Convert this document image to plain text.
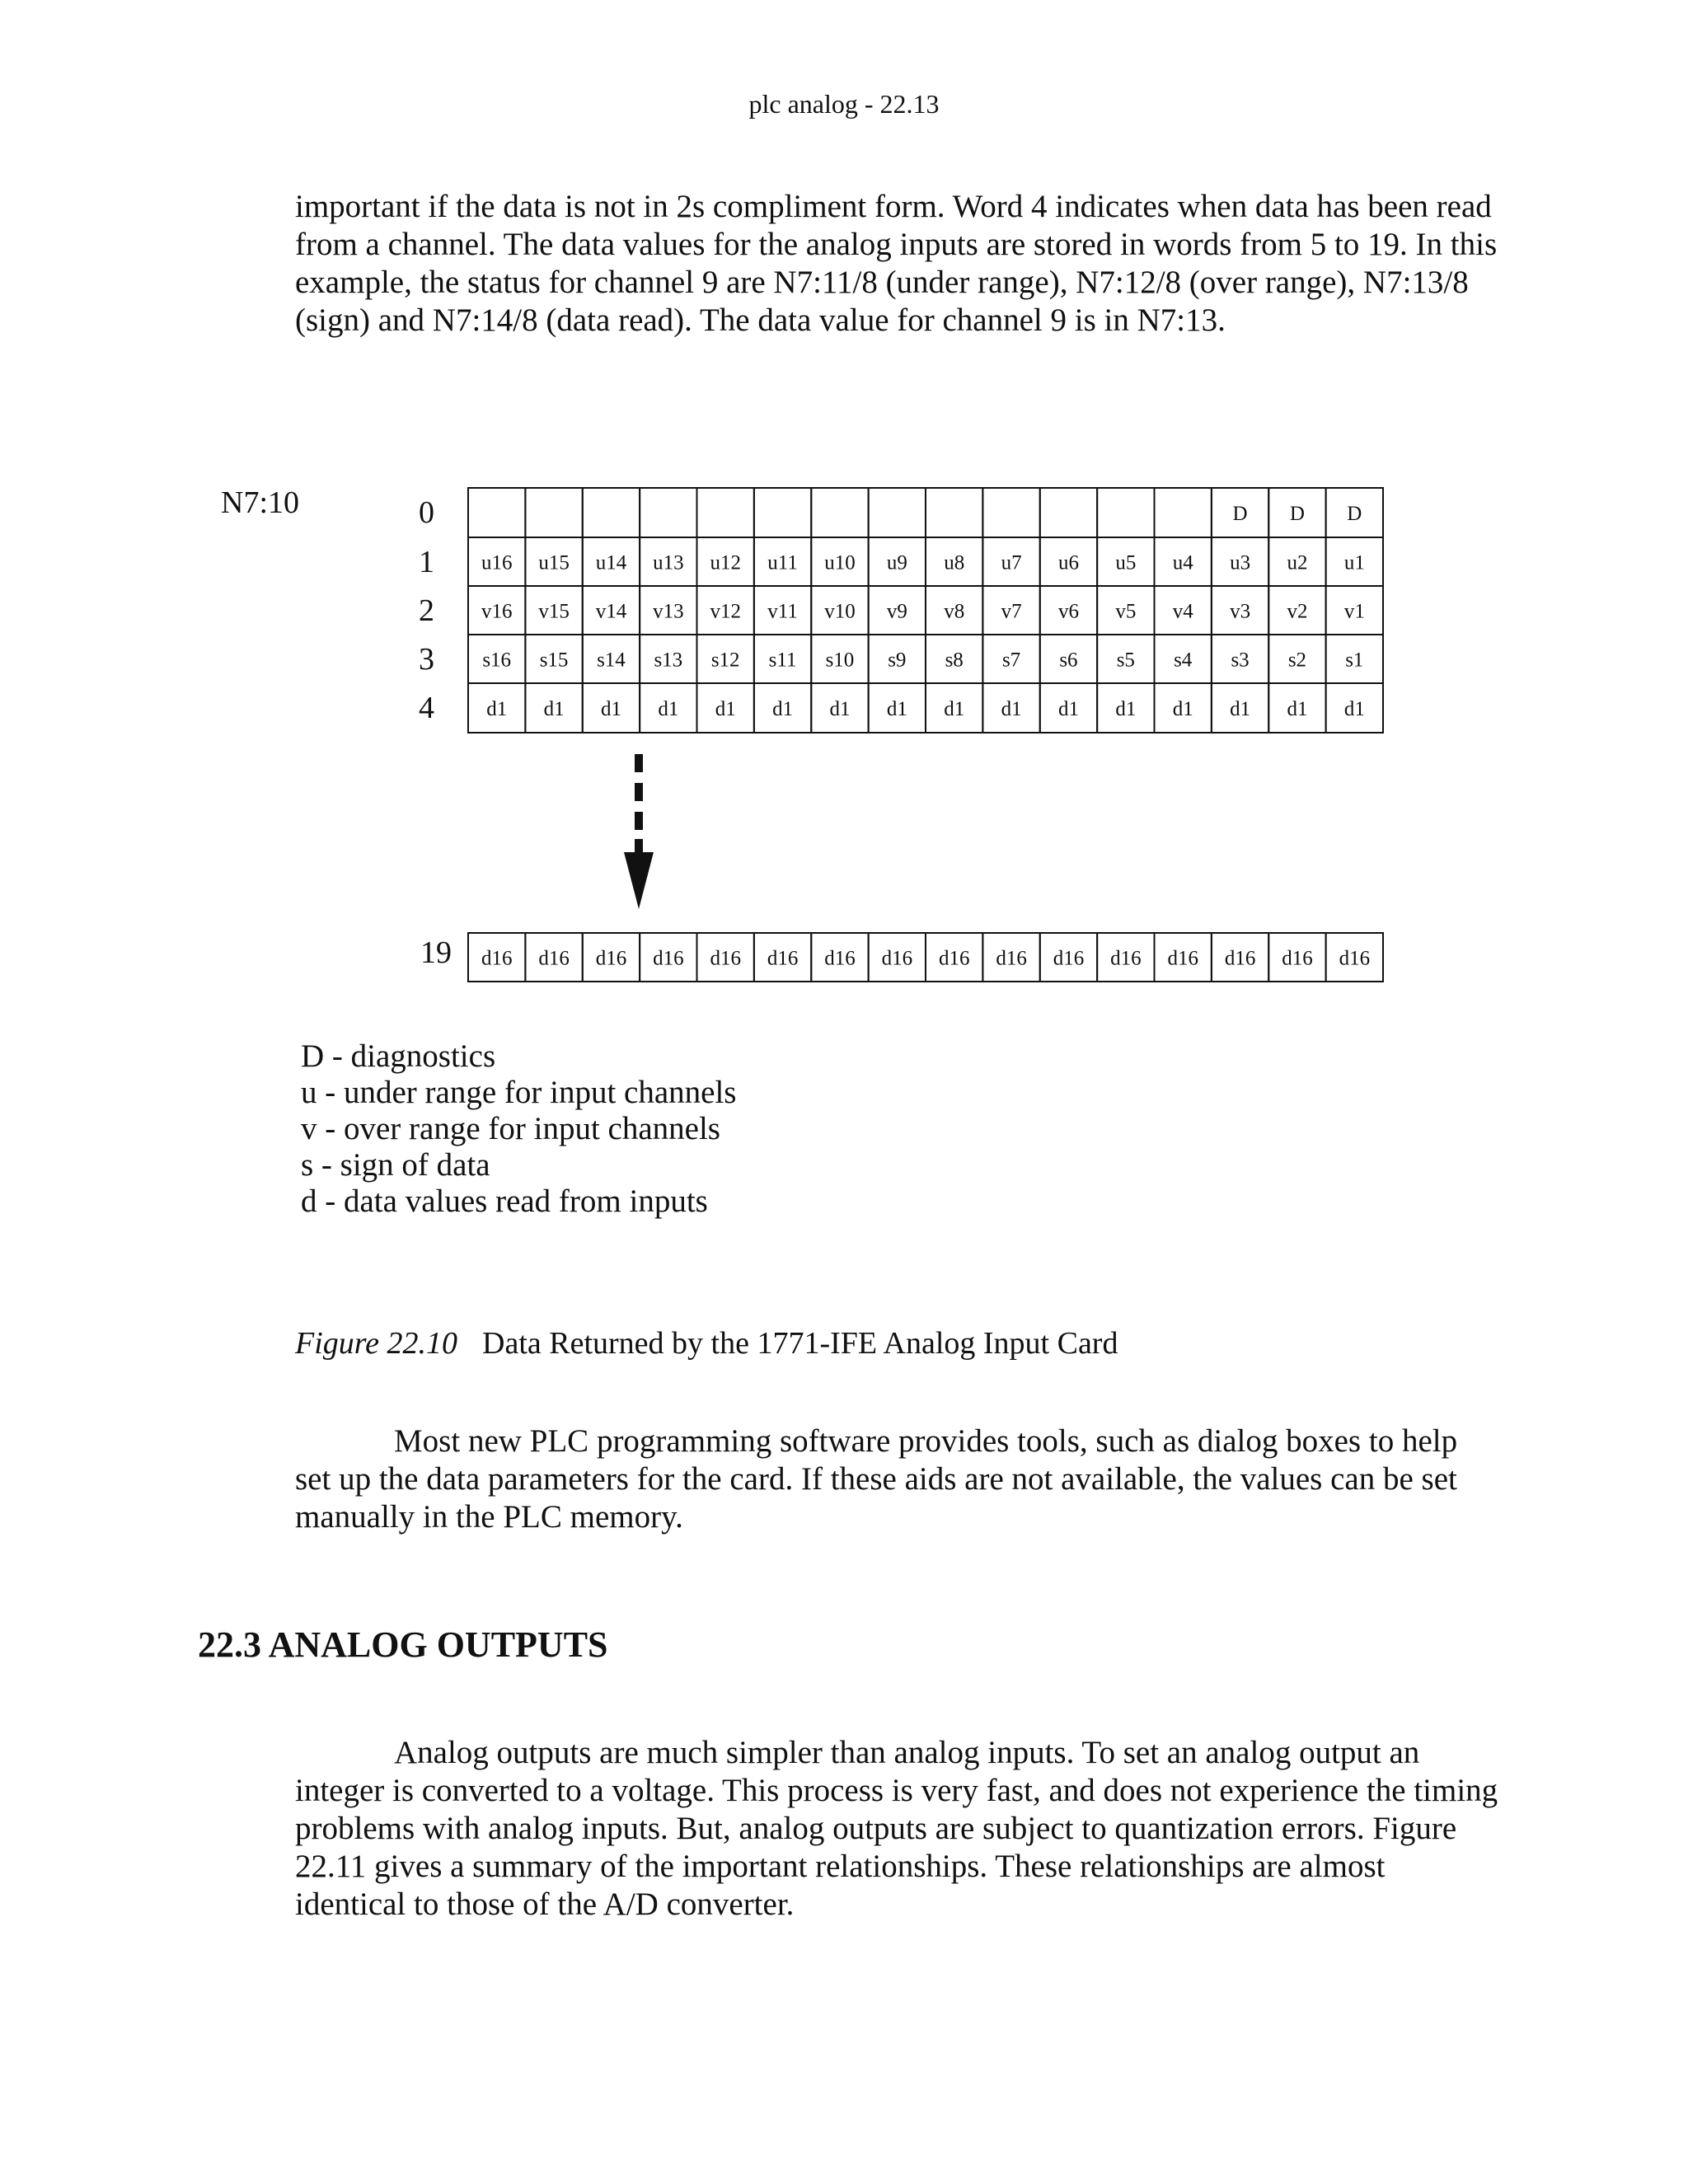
plc analog - 22.13

important if the data is not in 2s compliment form. Word 4 indicates when data has been read from a channel. The data values for the analog inputs are stored in words from 5 to 19. In this example, the status for channel 9 are N7:11/8 (under range), N7:12/8 (over range), N7:13/8 (sign) and N7:14/8 (data read). The data value for channel 9 is in N7:13.

N7:10	0
1
2
3
4
D D D
u16 u15 u14 u13 u12 u11 u10 u9 u8 u7 u6 u5 u4 u3 u2 u1
v16 v15 v14 v13 v12 v11 v10 v9 v8 v7 v6 v5 v4 v3 v2 v1
s16 s15 s14 s13 s12 s11 s10 s9 s8 s7 s6 s5 s4 s3 s2 s1
d1 d1 d1 d1 d1 d1 d1 d1 d1 d1 d1 d1 d1 d1 d1 d1
19 d16 d16 d16 d16 d16 d16 d16 d16 d16 d16 d16 d16 d16 d16 d16 d16
D - diagnostics
u - under range for input channels
v - over range for input channels
s - sign of data
d - data values read from inputs
Figure 22.10 Data Returned by the 1771-IFE Analog Input Card

Most new PLC programming software provides tools, such as dialog boxes to help set up the data parameters for the card. If these aids are not available, the values can be set manually in the PLC memory.

22.3 ANALOG OUTPUTS

Analog outputs are much simpler than analog inputs. To set an analog output an integer is converted to a voltage. This process is very fast, and does not experience the timing problems with analog inputs. But, analog outputs are subject to quantization errors. Figure 22.11 gives a summary of the important relationships. These relationships are almost identical to those of the A/D converter.
